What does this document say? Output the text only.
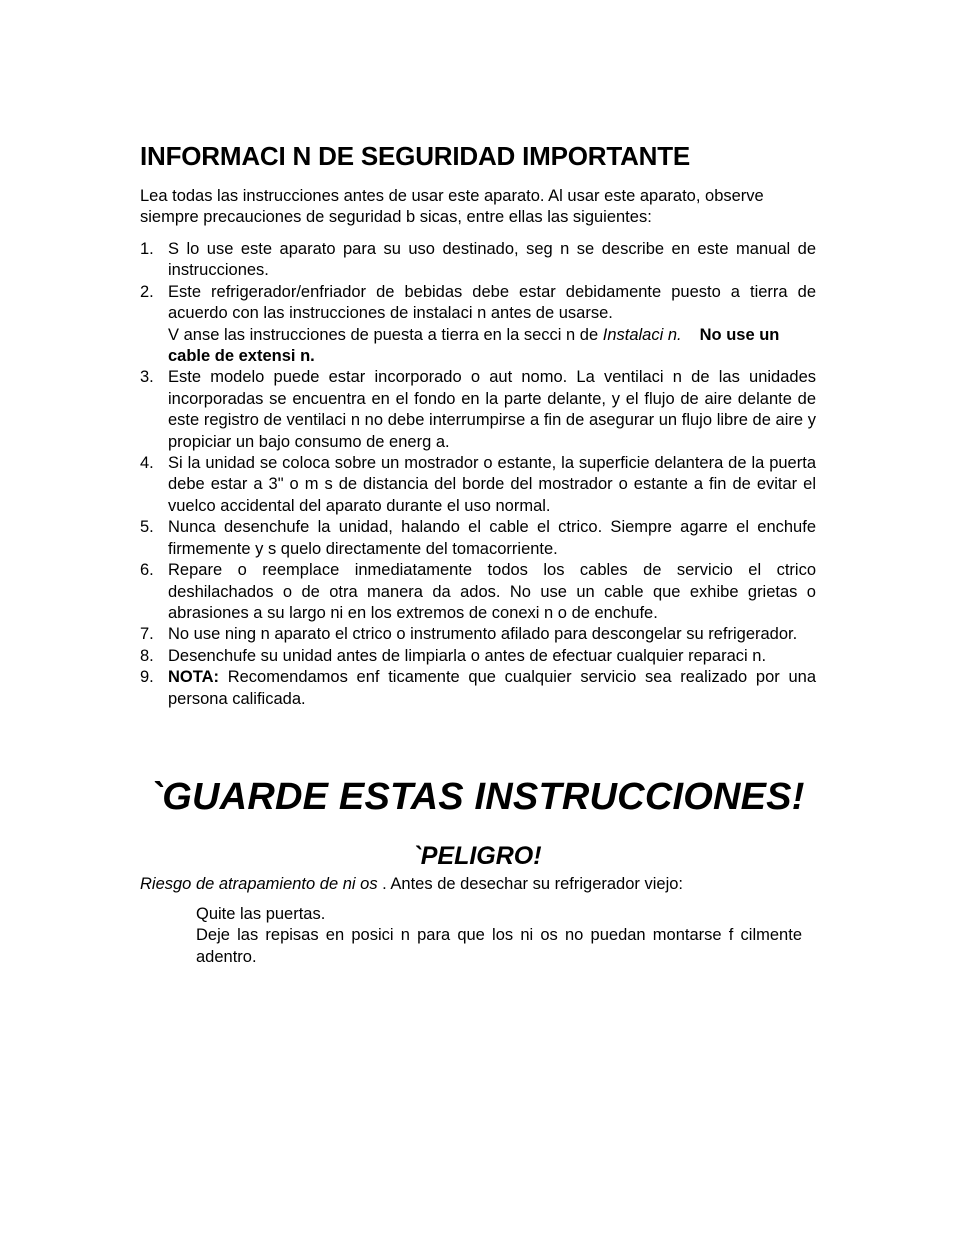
INFORMACI N DE SEGURIDAD IMPORTANTE

Lea todas las instrucciones antes de usar este aparato. Al usar este aparato, observe siempre precauciones de seguridad b sicas, entre ellas las siguientes:

1. S lo use este aparato para su uso destinado, seg n se describe en este manual de instrucciones.
2. Este refrigerador/enfriador de bebidas debe estar debidamente puesto a tierra de acuerdo con las instrucciones de instalaci n antes de usarse.
V anse las instrucciones de puesta a tierra en la secci n de Instalaci n. No use un cable de extensi n.
3. Este modelo puede estar incorporado o aut nomo. La ventilaci n de las unidades incorporadas se encuentra en el fondo en la parte delante, y el flujo de aire delante de este registro de ventilaci n no debe interrumpirse a fin de asegurar un flujo libre de aire y propiciar un bajo consumo de energ a.
4. Si la unidad se coloca sobre un mostrador o estante, la superficie delantera de la puerta debe estar a 3" o m s de distancia del borde del mostrador o estante a fin de evitar el vuelco accidental del aparato durante el uso normal.
5. Nunca desenchufe la unidad, halando el cable el ctrico. Siempre agarre el enchufe firmemente y s quelo directamente del tomacorriente.
6. Repare o reemplace inmediatamente todos los cables de servicio el ctrico deshilachados o de otra manera da ados. No use un cable que exhibe grietas o abrasiones a su largo ni en los extremos de conexi n o de enchufe.
7. No use ning n aparato el ctrico o instrumento afilado para descongelar su refrigerador.
8. Desenchufe su unidad antes de limpiarla o antes de efectuar cualquier reparaci n.
9. NOTA: Recomendamos enf ticamente que cualquier servicio sea realizado por una persona calificada.
`GUARDE ESTAS INSTRUCCIONES!
`PELIGRO!

Riesgo de atrapamiento de ni os . Antes de desechar su refrigerador viejo:

Quite las puertas.
Deje las repisas en posici n para que los ni os no puedan montarse f cilmente adentro.
